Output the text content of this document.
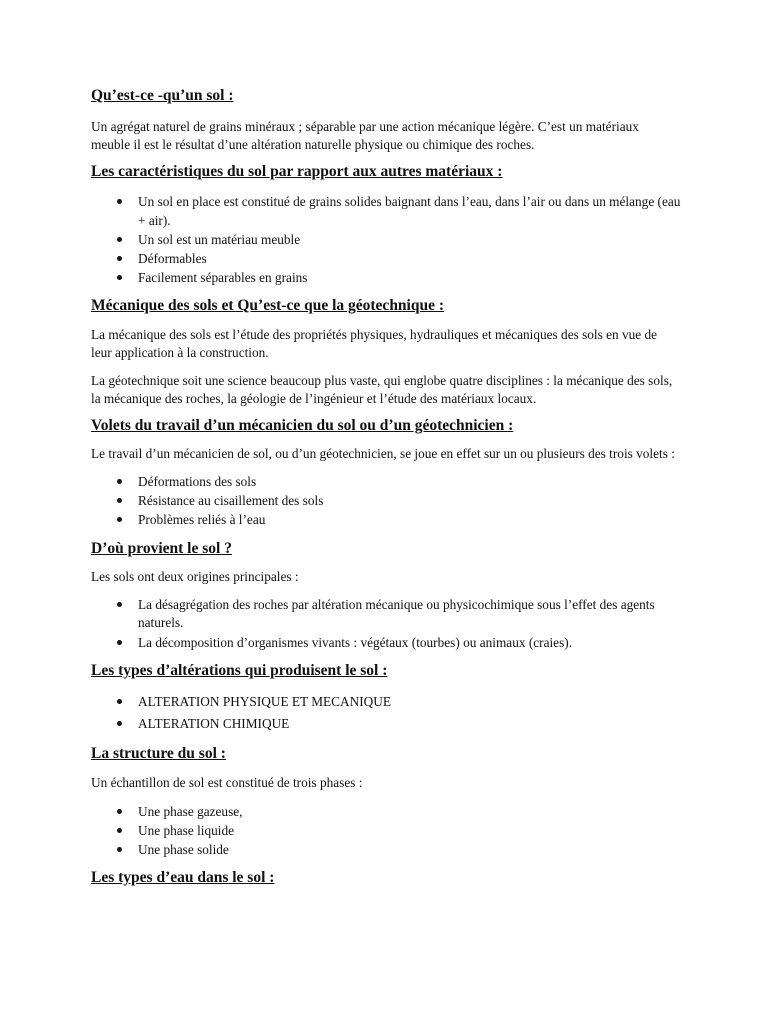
Qu’est-ce -qu’un sol :

Un agrégat naturel de grains minéraux ; séparable par une action mécanique légère. C’est un matériaux meuble il est le résultat d’une altération naturelle physique ou chimique des roches.

Les caractéristiques du sol par rapport aux autres matériaux :
Un sol en place est constitué de grains solides baignant dans l’eau, dans l’air ou dans un mélange (eau + air).
Un sol est un matériau meuble
Déformables
Facilement séparables en grains
Mécanique des sols et Qu’est-ce que la géotechnique :

La mécanique des sols est l’étude des propriétés physiques, hydrauliques et mécaniques des sols en vue de leur application à la construction.

La géotechnique soit une science beaucoup plus vaste, qui englobe quatre disciplines : la mécanique des sols, la mécanique des roches, la géologie de l’ingénieur et l’étude des matériaux locaux.

Volets du travail d’un mécanicien du sol ou d’un géotechnicien :

Le travail d’un mécanicien de sol, ou d’un géotechnicien, se joue en effet sur un ou plusieurs des trois volets :

Déformations des sols
Résistance au cisaillement des sols
Problèmes reliés à l’eau
D’où provient le sol ?

Les sols ont deux origines principales :

La désagrégation des roches par altération mécanique ou physicochimique sous l’effet des agents naturels.
La décomposition d’organismes vivants : végétaux (tourbes) ou animaux (craies).
Les types d’altérations qui produisent le sol :
ALTERATION PHYSIQUE ET MECANIQUE
ALTERATION CHIMIQUE
La structure du sol :

Un échantillon de sol est constitué de trois phases :

Une phase gazeuse,
Une phase liquide
Une phase solide
Les types d’eau dans le sol :
